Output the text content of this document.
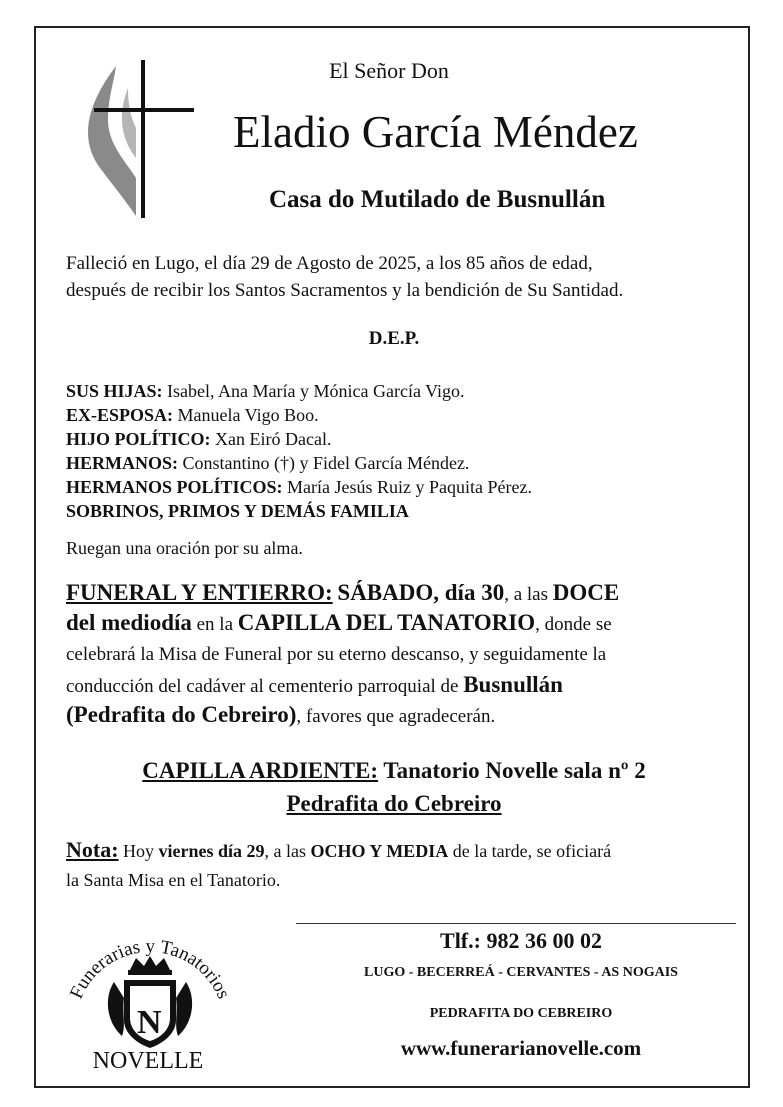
El Señor Don
Eladio García Méndez
Casa do Mutilado de Busnullán
Falleció en Lugo, el día 29 de Agosto de 2025, a los 85 años de edad,
después de recibir los Santos Sacramentos y la bendición de Su Santidad.
D.E.P.
SUS HIJAS: Isabel, Ana María y Mónica García Vigo.
EX-ESPOSA: Manuela Vigo Boo.
HIJO POLÍTICO: Xan Eiró Dacal.
HERMANOS: Constantino (†) y Fidel García Méndez.
HERMANOS POLÍTICOS: María Jesús Ruiz y Paquita Pérez.
SOBRINOS, PRIMOS Y DEMÁS FAMILIA
Ruegan una oración por su alma.
FUNERAL Y ENTIERRO: SÁBADO, día 30, a las DOCE
del mediodía en la CAPILLA DEL TANATORIO, donde se
celebrará la Misa de Funeral por su eterno descanso, y seguidamente la
conducción del cadáver al cementerio parroquial de Busnullán
(Pedrafita do Cebreiro), favores que agradecerán.
CAPILLA ARDIENTE: Tanatorio Novelle sala nº 2
Pedrafita do Cebreiro
Nota: Hoy viernes día 29, a las OCHO Y MEDIA de la tarde, se oficiará
la Santa Misa en el Tanatorio.
Funerarias y Tanatorios
N
NOVELLE
Tlf.: 982 36 00 02
LUGO - BECERREÁ - CERVANTES - AS NOGAIS
PEDRAFITA DO CEBREIRO
www.funerarianovelle.com
